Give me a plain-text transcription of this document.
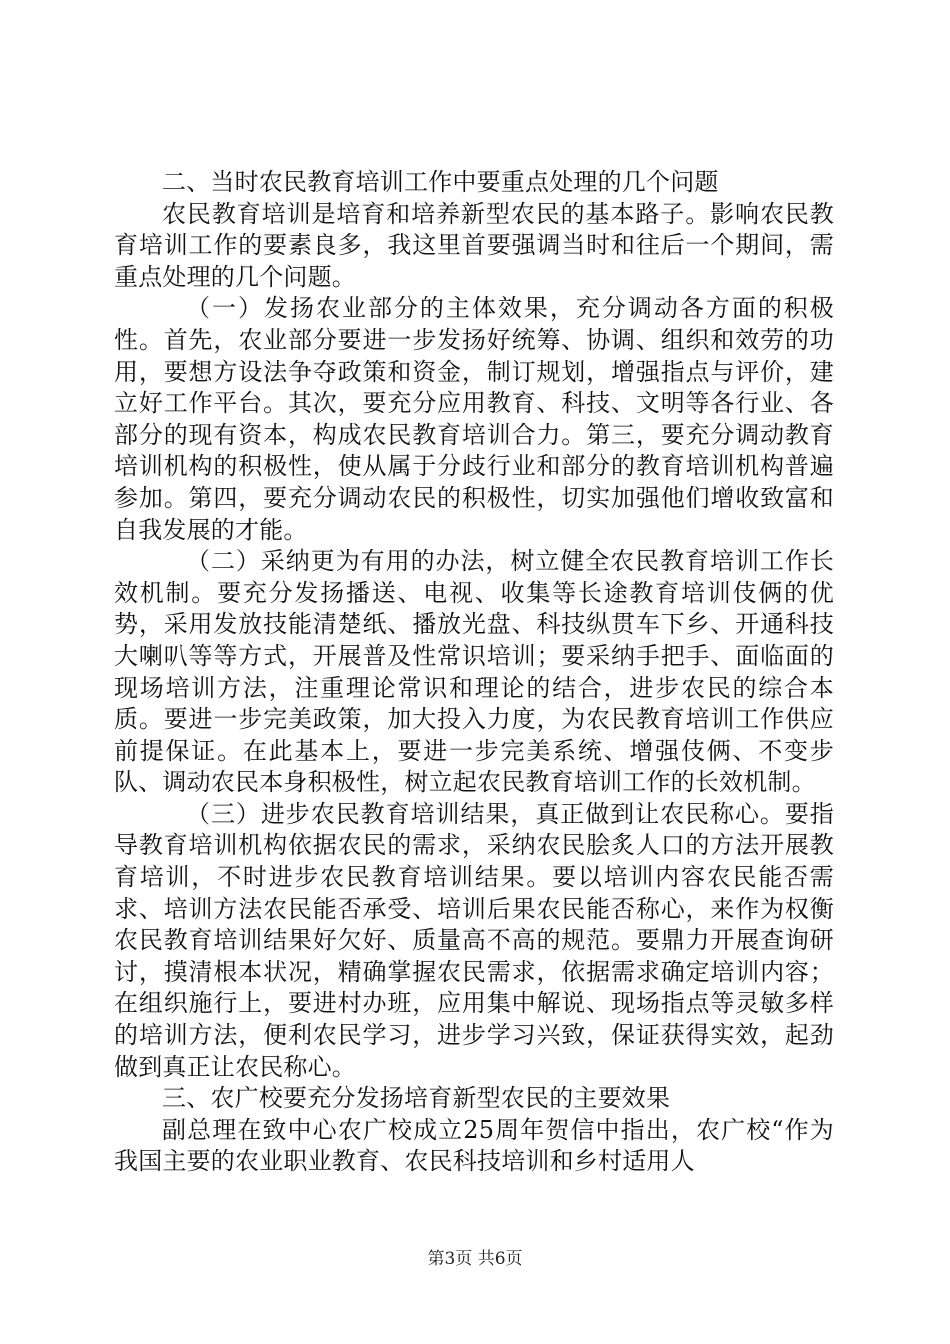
二、当时农民教育培训工作中要重点处理的几个问题

农民教育培训是培育和培养新型农民的基本路子。影响农民教育培训工作的要素良多，我这里首要强调当时和往后一个期间，需重点处理的几个问题。

（一）发扬农业部分的主体效果，充分调动各方面的积极性。首先，农业部分要进一步发扬好统筹、协调、组织和效劳的功用，要想方设法争夺政策和资金，制订规划，增强指点与评价，建立好工作平台。其次，要充分应用教育、科技、文明等各行业、各部分的现有资本，构成农民教育培训合力。第三，要充分调动教育培训机构的积极性，使从属于分歧行业和部分的教育培训机构普遍参加。第四，要充分调动农民的积极性，切实加强他们增收致富和自我发展的才能。

（二）采纳更为有用的办法，树立健全农民教育培训工作长效机制。要充分发扬播送、电视、收集等长途教育培训伎俩的优势，采用发放技能清楚纸、播放光盘、科技纵贯车下乡、开通科技大喇叭等等方式，开展普及性常识培训；要采纳手把手、面临面的现场培训方法，注重理论常识和理论的结合，进步农民的综合本质。要进一步完美政策，加大投入力度，为农民教育培训工作供应前提保证。在此基本上，要进一步完美系统、增强伎俩、不变步队、调动农民本身积极性，树立起农民教育培训工作的长效机制。

（三）进步农民教育培训结果，真正做到让农民称心。要指导教育培训机构依据农民的需求，采纳农民脍炙人口的方法开展教育培训，不时进步农民教育培训结果。要以培训内容农民能否需求、培训方法农民能否承受、培训后果农民能否称心，来作为权衡农民教育培训结果好欠好、质量高不高的规范。要鼎力开展查询研讨，摸清根本状况，精确掌握农民需求，依据需求确定培训内容；在组织施行上，要进村办班，应用集中解说、现场指点等灵敏多样的培训方法，便利农民学习，进步学习兴致，保证获得实效，起劲做到真正让农民称心。

三、农广校要充分发扬培育新型农民的主要效果

副总理在致中心农广校成立25周年贺信中指出，农广校“作为我国主要的农业职业教育、农民科技培训和乡村适用人

第3页 共6页
